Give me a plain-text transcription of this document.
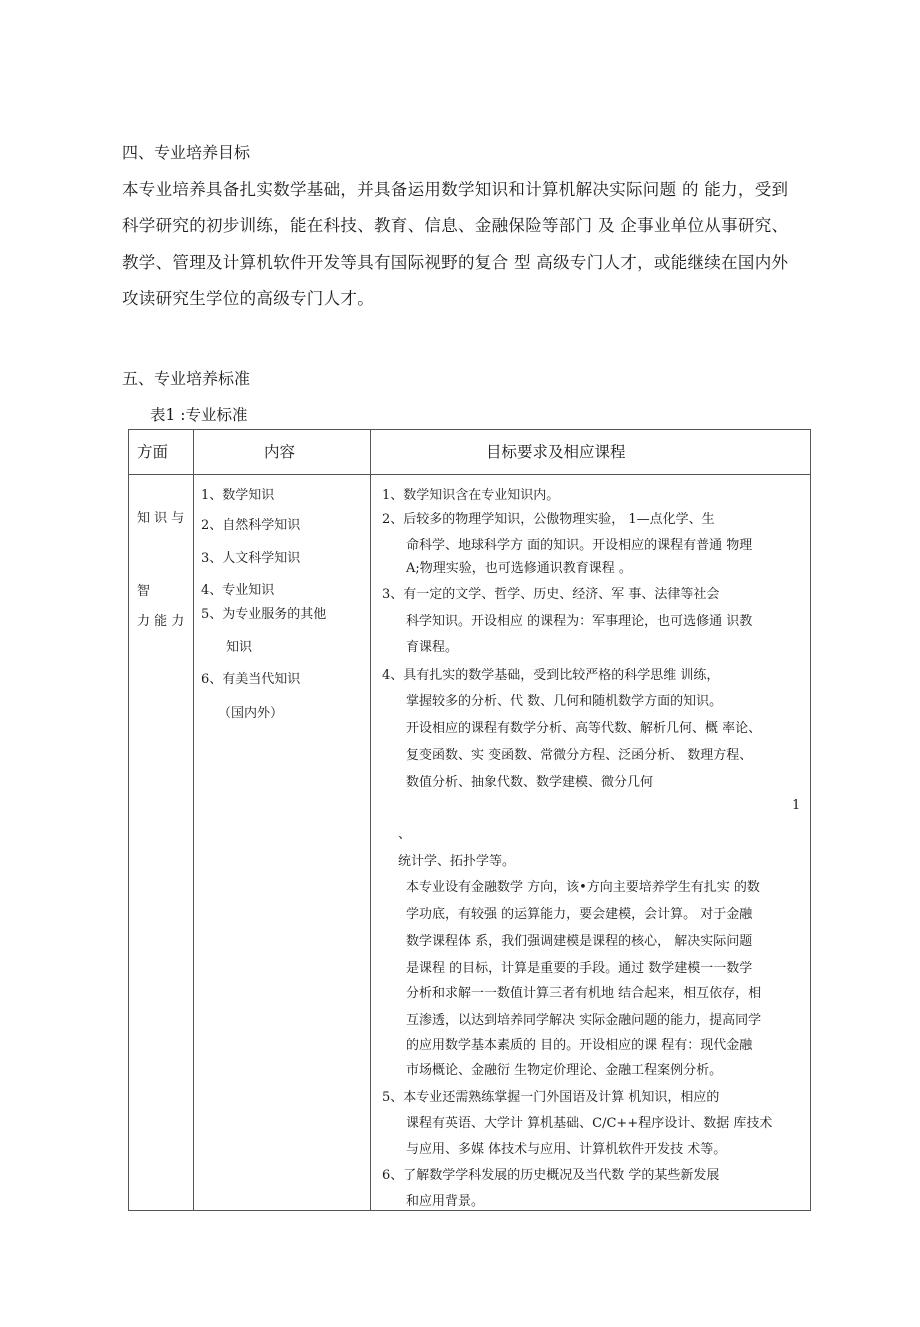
四、专业培养目标
本专业培养具备扎实数学基础，并具备运用数学知识和计算机解决实际问题 的 能力，受到
科学研究的初步训练，能在科技、教育、信息、金融保险等部门 及 企事业单位从事研究、
教学、管理及计算机软件开发等具有国际视野的复合 型 高级专门人才，或能继续在国内外
攻读研究生学位的高级专门人才。
五、专业培养标准
表1 :专业标准
方面	内容	目标要求及相应课程
知 识 与
智
力 能 力
1、数学知识
2、自然科学知识
3、人文科学知识
4、专业知识
5、为专业服务的其他
知识
6、有美当代知识
（国内外）
1、数学知识含在专业知识内。
2、后较多的物理学知识，公傲物理实验， 1—点化学、生
命科学、地球科学方 面的知识。开设相应的课程有普通 物理
A;物理实验，也可选修通识教育课程 。
3、有一定的文学、哲学、历史、经济、军 事、法律等社会
科学知识。开设相应 的课程为：军事理论，也可选修通 识教
育课程。
4、具有扎实的数学基础，受到比较严格的科学思维 训练，
掌握较多的分析、代 数、几何和随机数学方面的知识。
开设相应的课程有数学分析、高等代数、解析几何、概 率论、
复变函数、实 变函数、常微分方程、泛函分析、 数理方程、
数值分析、抽象代数、数学建模、微分几何
1
、
统计学、拓扑学等。
本专业设有金融数学 方向，该•方向主要培养学生有扎实 的数
学功底，有较强 的运算能力，要会建模，会计算。 对于金融
数学课程体 系，我们强调建模是课程的核心， 解决实际问题
是课程 的目标，计算是重要的手段。通过 数学建模一一数学
分析和求解一一数值计算三者有机地 结合起来，相互依存，相
互渗透，以达到培养同学解决 实际金融问题的能力，提高同学
的应用数学基本素质的 目的。开设相应的课 程有：现代金融
市场概论、金融衍 生物定价理论、金融工程案例分析。
5、本专业还需熟练掌握一门外国语及计算 机知识，相应的
课程有英语、大学计 算机基础、C/C++程序设计、数据 库技术
与应用、多媒 体技术与应用、计算机软件开发技 术等。
6、了解数学学科发展的历史概况及当代数 学的某些新发展
和应用背景。
